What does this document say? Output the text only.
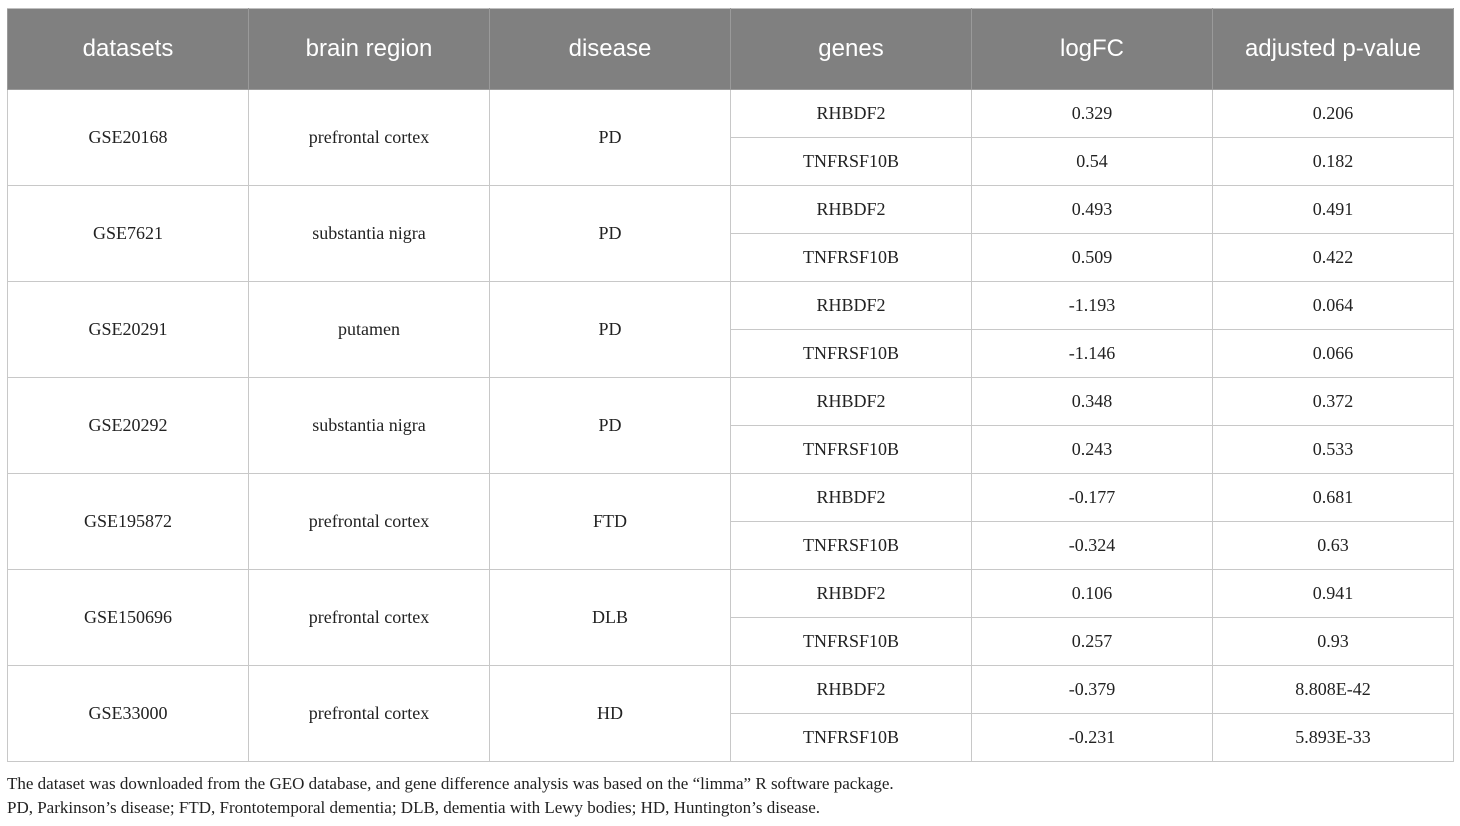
datasets	brain region	disease	genes	logFC	adjusted p-value
GSE20168	prefrontal cortex	PD	RHBDF2	0.329	0.206
			TNFRSF10B	0.54	0.182
GSE7621	substantia nigra	PD	RHBDF2	0.493	0.491
			TNFRSF10B	0.509	0.422
GSE20291	putamen	PD	RHBDF2	-1.193	0.064
			TNFRSF10B	-1.146	0.066
GSE20292	substantia nigra	PD	RHBDF2	0.348	0.372
			TNFRSF10B	0.243	0.533
GSE195872	prefrontal cortex	FTD	RHBDF2	-0.177	0.681
			TNFRSF10B	-0.324	0.63
GSE150696	prefrontal cortex	DLB	RHBDF2	0.106	0.941
			TNFRSF10B	0.257	0.93
GSE33000	prefrontal cortex	HD	RHBDF2	-0.379	8.808E-42
			TNFRSF10B	-0.231	5.893E-33

The dataset was downloaded from the GEO database, and gene difference analysis was based on the “limma” R software package.

PD, Parkinson’s disease; FTD, Frontotemporal dementia; DLB, dementia with Lewy bodies; HD, Huntington’s disease.
